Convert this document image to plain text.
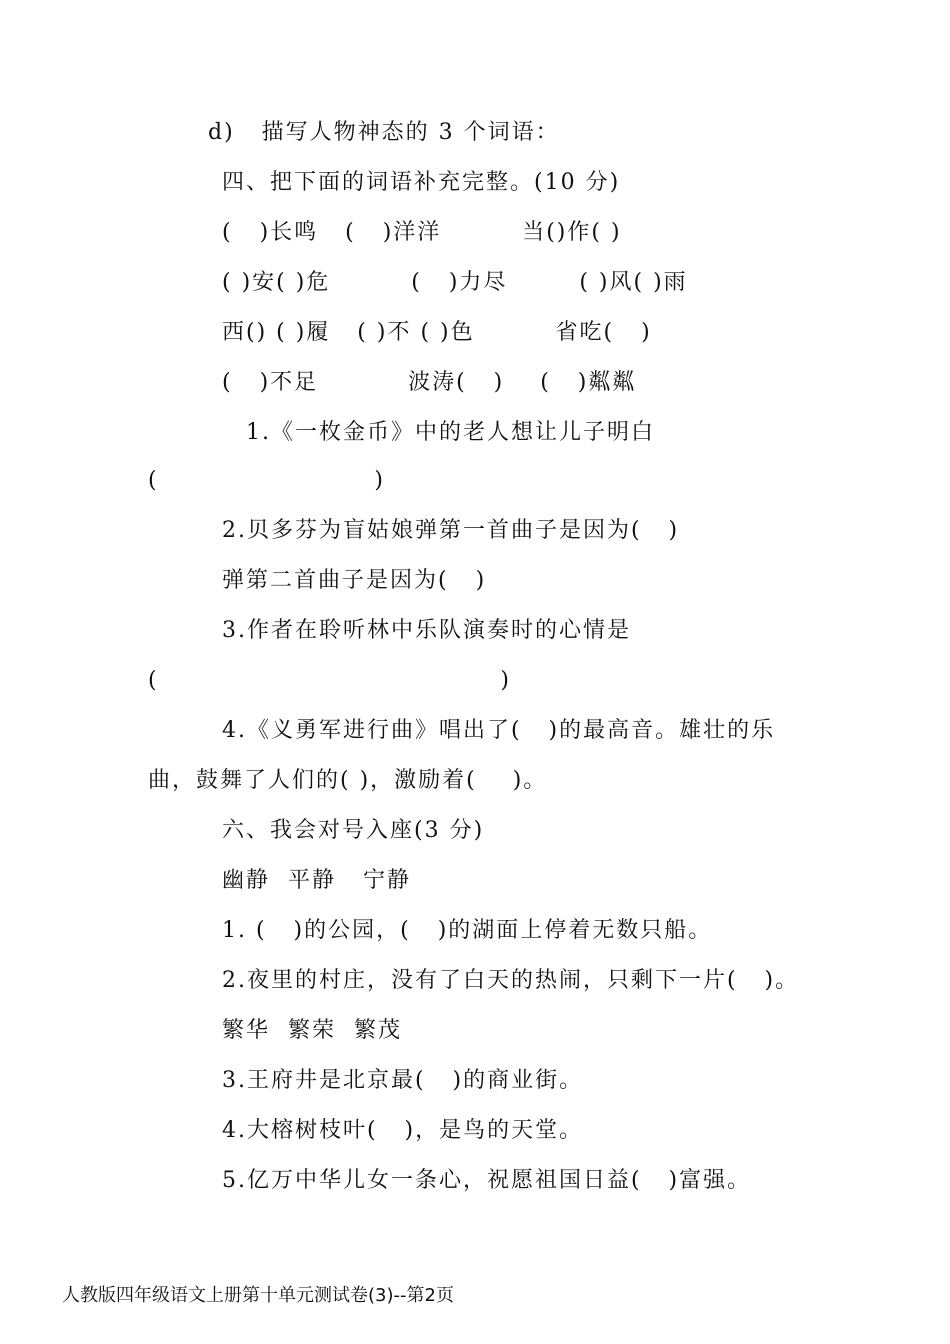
d)   描写人物神态的 3 个词语：
四、把下面的词语补充完整。(10 分)
(   )长鸣   (   )洋洋         当()作( )
( )安( )危         (   )力尽        ( )风( )雨
西() ( )履   ( )不 ( )色         省吃(   )
(   )不足          波涛(   )    (   )粼粼
1.《一枚金币》中的老人想让儿子明白
(                        )
2.贝多芬为盲姑娘弹第一首曲子是因为(   )
弹第二首曲子是因为(   )
3.作者在聆听林中乐队演奏时的心情是
(                                      )
4.《义勇军进行曲》唱出了(   )的最高音。雄壮的乐
曲，鼓舞了人们的( )，激励着(    )。
六、我会对号入座(3 分)
幽静  平静   宁静
1. (   )的公园，(   )的湖面上停着无数只船。
2.夜里的村庄，没有了白天的热闹，只剩下一片(   )。
繁华  繁荣  繁茂
3.王府井是北京最(   )的商业街。
4.大榕树枝叶(   )，是鸟的天堂。
5.亿万中华儿女一条心，祝愿祖国日益(   )富强。
人教版四年级语文上册第十单元测试卷(3)--第2页
